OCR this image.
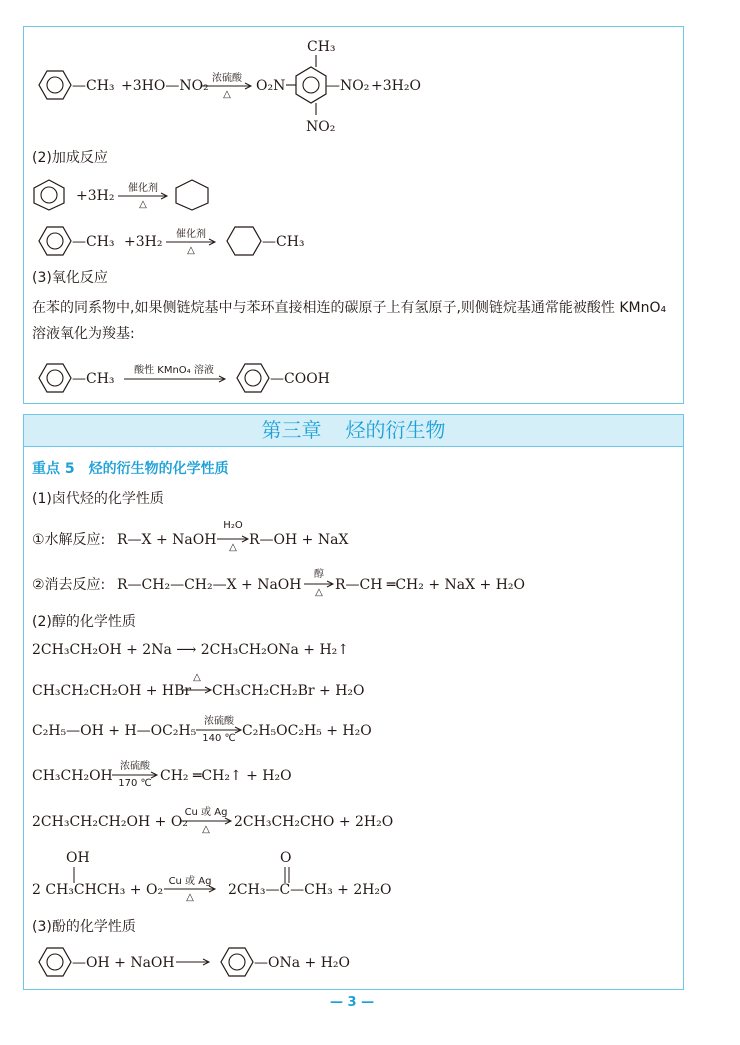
—CH₃ +3HO—NO₂ 浓硫酸
△
O₂N
CH₃
—NO₂ +3H₂O
NO₂
(2)加成反应
+3H₂	催化剂
△
—CH₃ +3H₂	催化剂
△
—CH₃
(3)氧化反应
在苯的同系物中,如果侧链烷基中与苯环直接相连的碳原子上有氢原子,则侧链烷基通常能被酸性 KMnO₄ 溶液氧化为羧基:
—CH₃
酸性 KMnO₄ 溶液
—COOH
第三章 烃的衍生物
重点 5　烃的衍生物的化学性质
(1)卤代烃的化学性质
①水解反应: R—X + NaOH
H₂O
△ R—OH + NaX
②消去反应: R—CH₂—CH₂—X + NaOH
醇
△ R—CH ═CH₂ + NaX + H₂O
(2)醇的化学性质
2CH₃CH₂OH + 2Na ⟶ 2CH₃CH₂ONa + H₂↑
CH₃CH₂CH₂OH + HBr
△
CH₃CH₂CH₂Br + H₂O
C₂H₅—OH + H—OC₂H₅
浓硫酸
140 ℃ C₂H₅OC₂H₅ + H₂O
CH₃CH₂OH
浓硫酸
170 ℃ CH₂ ═CH₂↑ + H₂O
2CH₃CH₂CH₂OH + O₂
Cu 或 Ag
△	2CH₃CH₂CHO + 2H₂O
OH
2 CH₃CHCH₃ + O₂
Cu 或 Ag
△
O
2CH₃—C—CH₃ + 2H₂O
(3)酚的化学性质
—OH + NaOH →	—ONa + H₂O
— 3 —
